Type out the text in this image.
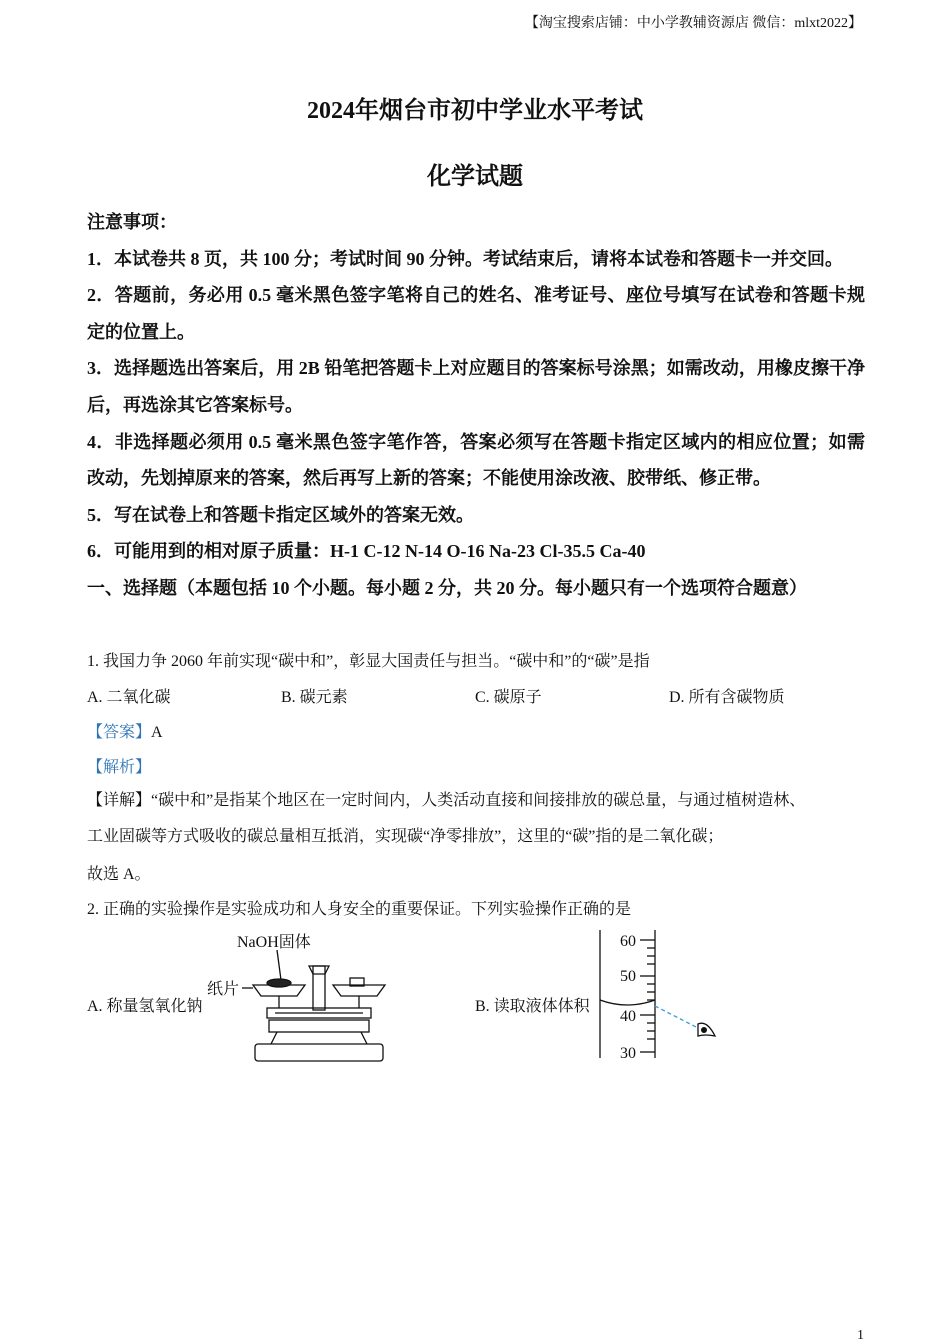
【淘宝搜索店铺：中小学教辅资源店 微信：mlxt2022】
2024年烟台市初中学业水平考试
化学试题

注意事项：

1．本试卷共 8 页，共 100 分；考试时间 90 分钟。考试结束后，请将本试卷和答题卡一并交回。

2．答题前，务必用 0.5 毫米黑色签字笔将自己的姓名、准考证号、座位号填写在试卷和答题卡规定的位置上。

3．选择题选出答案后，用 2B 铅笔把答题卡上对应题目的答案标号涂黑；如需改动，用橡皮擦干净后，再选涂其它答案标号。

4．非选择题必须用 0.5 毫米黑色签字笔作答，答案必须写在答题卡指定区域内的相应位置；如需改动，先划掉原来的答案，然后再写上新的答案；不能使用涂改液、胶带纸、修正带。

5．写在试卷上和答题卡指定区域外的答案无效。

6．可能用到的相对原子质量：H-1 C-12 N-14 O-16 Na-23 Cl-35.5 Ca-40

一、选择题（本题包括 10 个小题。每小题 2 分，共 20 分。每小题只有一个选项符合题意）

1. 我国力争 2060 年前实现“碳中和”，彰显大国责任与担当。“碳中和”的“碳”是指
A. 二氧化碳	B. 碳元素	C. 碳原子	D. 所有含碳物质
【答案】A
【解析】

【详解】“碳中和”是指某个地区在一定时间内，人类活动直接和间接排放的碳总量，与通过植树造林、

工业固碳等方式吸收的碳总量相互抵消，实现碳“净零排放”，这里的“碳”指的是二氧化碳；

故选 A。
2. 正确的实验操作是实验成功和人身安全的重要保证。下列实验操作正确的是
A. 称量氢氧化钠
NaOH固体
纸片
B. 读取液体体积
60
50
40
30
1
